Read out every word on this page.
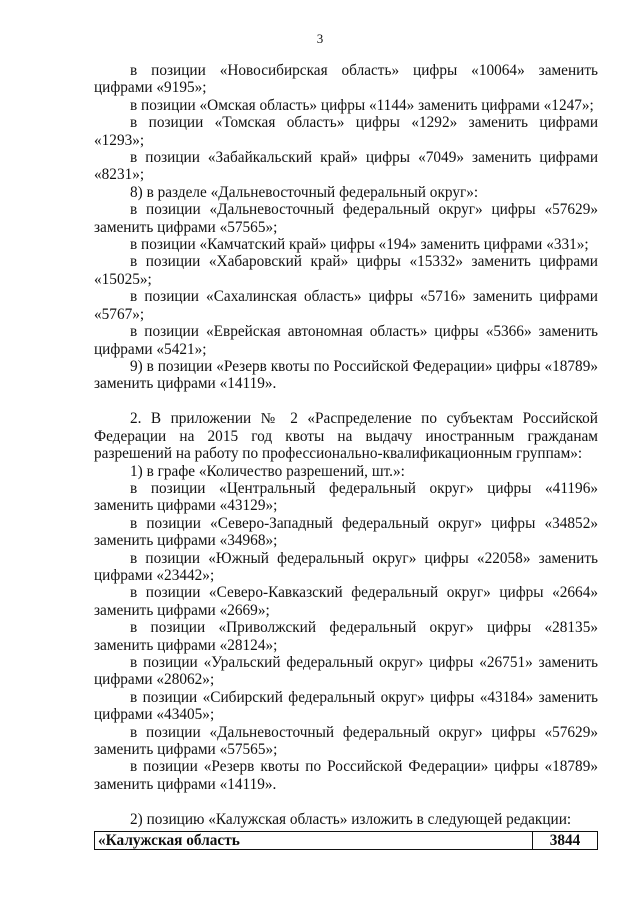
3

в позиции «Новосибирская область» цифры «10064» заменить цифрами «9195»;

в позиции «Омская область» цифры «1144» заменить цифрами «1247»;

в позиции «Томская область» цифры «1292» заменить цифрами «1293»;

в позиции «Забайкальский край» цифры «7049» заменить цифрами «8231»;

8) в разделе «Дальневосточный федеральный округ»:

в позиции «Дальневосточный федеральный округ» цифры «57629» заменить цифрами «57565»;

в позиции «Камчатский край» цифры «194» заменить цифрами «331»;

в позиции «Хабаровский край» цифры «15332» заменить цифрами «15025»;

в позиции «Сахалинская область» цифры «5716» заменить цифрами «5767»;

в позиции «Еврейская автономная область» цифры «5366» заменить цифрами «5421»;

9) в позиции «Резерв квоты по Российской Федерации» цифры «18789» заменить цифрами «14119».

2. В приложении № 2 «Распределение по субъектам Российской Федерации на 2015 год квоты на выдачу иностранным гражданам разрешений на работу по профессионально-квалификационным группам»:

1) в графе «Количество разрешений, шт.»:

в позиции «Центральный федеральный округ» цифры «41196» заменить цифрами «43129»;

в позиции «Северо-Западный федеральный округ» цифры «34852» заменить цифрами «34968»;

в позиции «Южный федеральный округ» цифры «22058» заменить цифрами «23442»;

в позиции «Северо-Кавказский федеральный округ» цифры «2664» заменить цифрами «2669»;

в позиции «Приволжский федеральный округ» цифры «28135» заменить цифрами «28124»;

в позиции «Уральский федеральный округ» цифры «26751» заменить цифрами «28062»;

в позиции «Сибирский федеральный округ» цифры «43184» заменить цифрами «43405»;

в позиции «Дальневосточный федеральный округ» цифры «57629» заменить цифрами «57565»;

в позиции «Резерв квоты по Российской Федерации» цифры «18789» заменить цифрами «14119».

2) позицию «Калужская область» изложить в следующей редакции:

«Калужская область	3844
